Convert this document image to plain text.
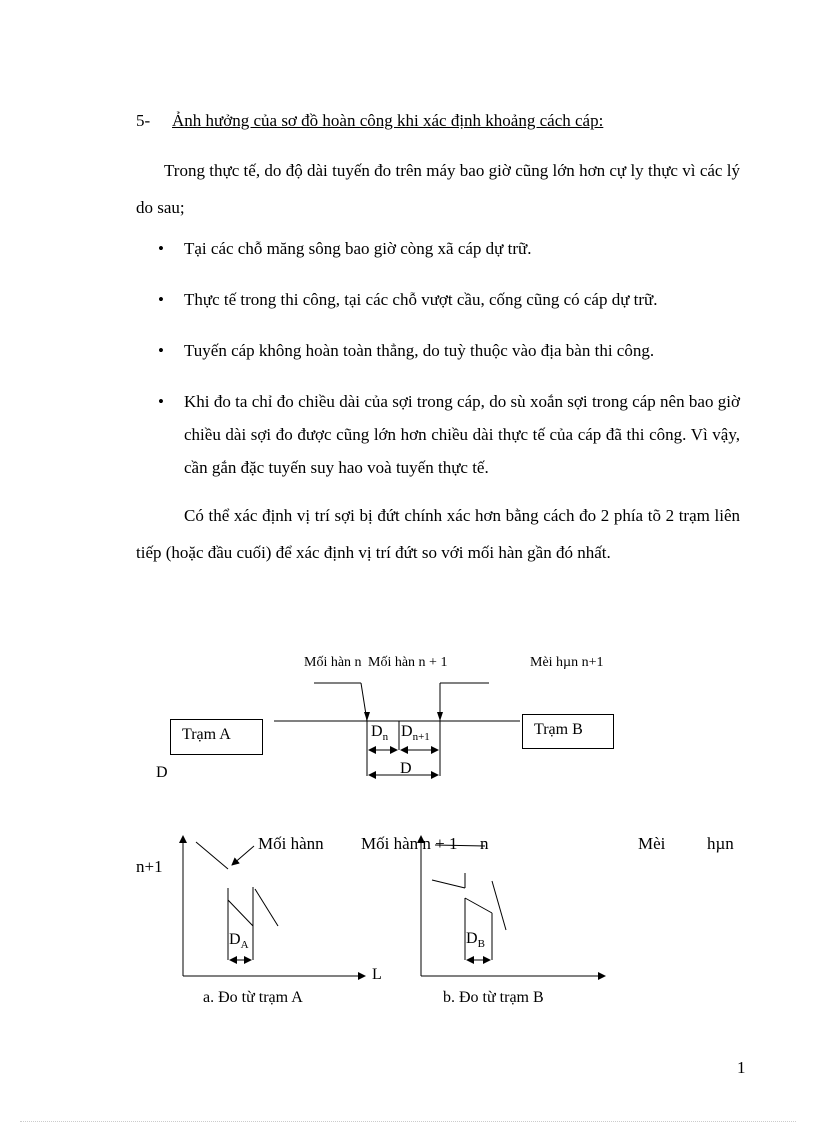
5- Ảnh hưởng của sơ đồ hoàn công khi xác định khoảng cách cáp:
Trong thực tế, do độ dài tuyến đo trên máy bao giờ cũng lớn hơn cự ly thực vì các lý do sau;
• Tại các chỗ măng sông bao giờ còng xã cáp dự trữ.
• Thực tế trong thi công, tại các chỗ vượt cầu, cống cũng có cáp dự trữ.
• Tuyến cáp không hoàn toàn thẳng, do tuỳ thuộc vào địa bàn thi công.
• Khi đo ta chỉ đo chiều dài của sợi trong cáp, do sù xoắn sợi trong cáp nên bao giờ chiều dài sợi đo được cũng lớn hơn chiều dài thực tế của cáp đã thi công. Vì vậy, cần gắn đặc tuyến suy hao voà tuyến thực tế.
Có thể xác định vị trí sợi bị đứt chính xác hơn bằng cách đo 2 phía tõ 2 trạm liên tiếp (hoặc đầu cuối) để xác định vị trí đứt so với mối hàn gần đó nhất.
Mối hàn n Mối hàn n + 1	Mèi hµn n+1
Trạm A	Trạm B
$D_n$ $D_{n+1}$
D
D
Mối hànn Mối hàn n + 1 n	Mèi hµn
n+1
L
$D_A$	$D_B$
a. Đo từ trạm A	b. Đo từ trạm B
1
